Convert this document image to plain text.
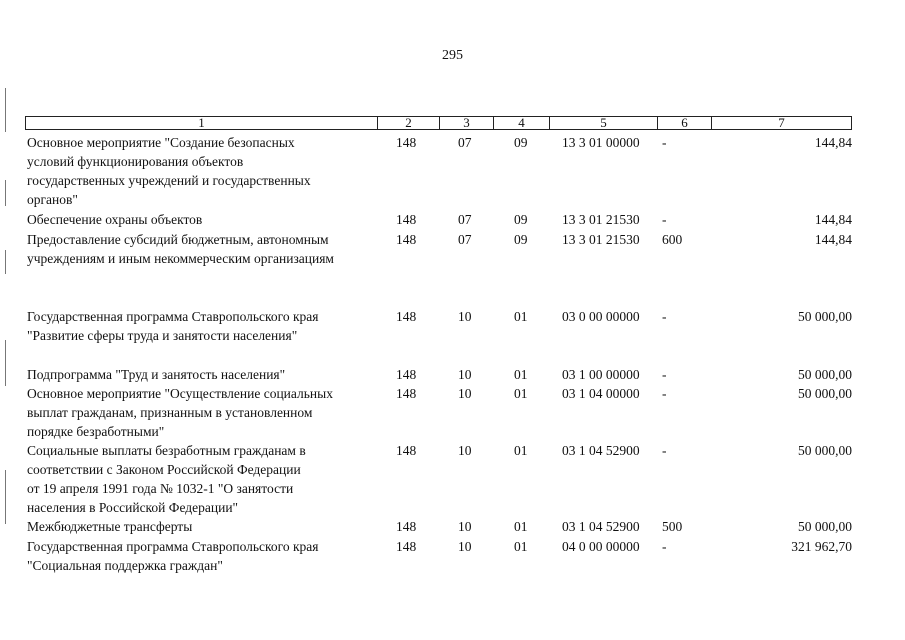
295
1	2	3	4	5	6	7
Основное мероприятие "Создание безопасных
условий функционирования объектов
государственных учреждений и государственных
органов"
148	07	09	13 3 01 00000	-	144,84
Обеспечение охраны объектов	148	07	09	13 3 01 21530	-	144,84
Предоставление субсидий бюджетным, автономным
учреждениям и иным некоммерческим организациям
148	07	09	13 3 01 21530	600	144,84
Государственная программа Ставропольского края
"Развитие сферы труда и занятости населения"
148	10	01	03 0 00 00000	-	50 000,00
Подпрограмма "Труд и занятость населения"	148	10	01	03 1 00 00000	-	50 000,00
Основное мероприятие "Осуществление социальных
выплат гражданам, признанным в установленном
порядке безработными"
148	10	01	03 1 04 00000	-	50 000,00
Социальные выплаты безработным гражданам в
соответствии с Законом Российской Федерации
от 19 апреля 1991 года № 1032-1 "О занятости
населения в Российской Федерации"
148	10	01	03 1 04 52900	-	50 000,00
Межбюджетные трансферты	148	10	01	03 1 04 52900	500	50 000,00
Государственная программа Ставропольского края
"Социальная поддержка граждан"
148	10	01	04 0 00 00000	-	321 962,70
